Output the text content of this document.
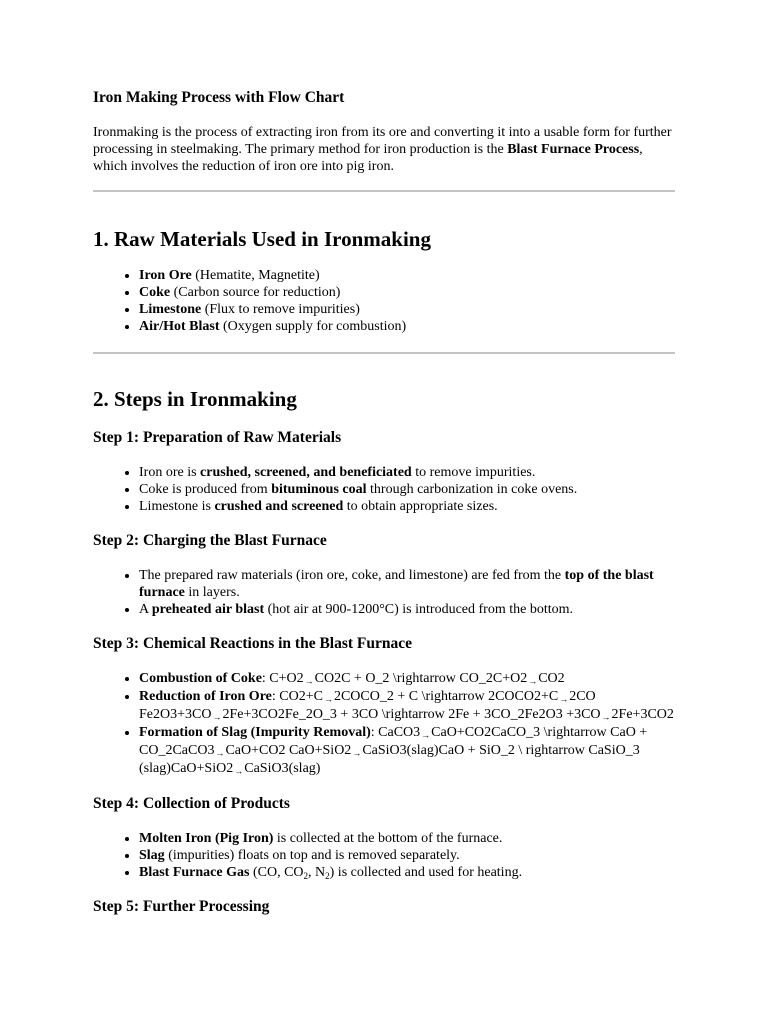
Iron Making Process with Flow Chart

Ironmaking is the process of extracting iron from its ore and converting it into a usable form for further processing in steelmaking. The primary method for iron production is the Blast Furnace Process, which involves the reduction of iron ore into pig iron.

1. Raw Materials Used in Ironmaking
• Iron Ore (Hematite, Magnetite)
• Coke (Carbon source for reduction)
• Limestone (Flux to remove impurities)
• Air/Hot Blast (Oxygen supply for combustion)
2. Steps in Ironmaking
Step 1: Preparation of Raw Materials
• Iron ore is crushed, screened, and beneficiated to remove impurities.
• Coke is produced from bituminous coal through carbonization in coke ovens.
• Limestone is crushed and screened to obtain appropriate sizes.
Step 2: Charging the Blast Furnace
• The prepared raw materials (iron ore, coke, and limestone) are fed from the top of the blast furnace in layers.
• A preheated air blast (hot air at 900-1200°C) is introduced from the bottom.
Step 3: Chemical Reactions in the Blast Furnace
• Combustion of Coke: C+O2→CO2C + O_2 \rightarrow CO_2C+O2→CO2
• Reduction of Iron Ore: CO2+C→2COCO_2 + C \rightarrow 2COCO2+C→2CO Fe2O3+3CO→2Fe+3CO2Fe_2O_3 + 3CO \rightarrow 2Fe + 3CO_2Fe2O3 +3CO→2Fe+3CO2
• Formation of Slag (Impurity Removal): CaCO3→CaO+CO2CaCO_3 \rightarrow CaO + CO_2CaCO3→CaO+CO2 CaO+SiO2→CaSiO3(slag)CaO + SiO_2 \ rightarrow CaSiO_3 (slag)CaO+SiO2→CaSiO3(slag)
Step 4: Collection of Products
• Molten Iron (Pig Iron) is collected at the bottom of the furnace.
• Slag (impurities) floats on top and is removed separately.
• Blast Furnace Gas (CO, $CO_2$, $N_2$) is collected and used for heating.
Step 5: Further Processing
